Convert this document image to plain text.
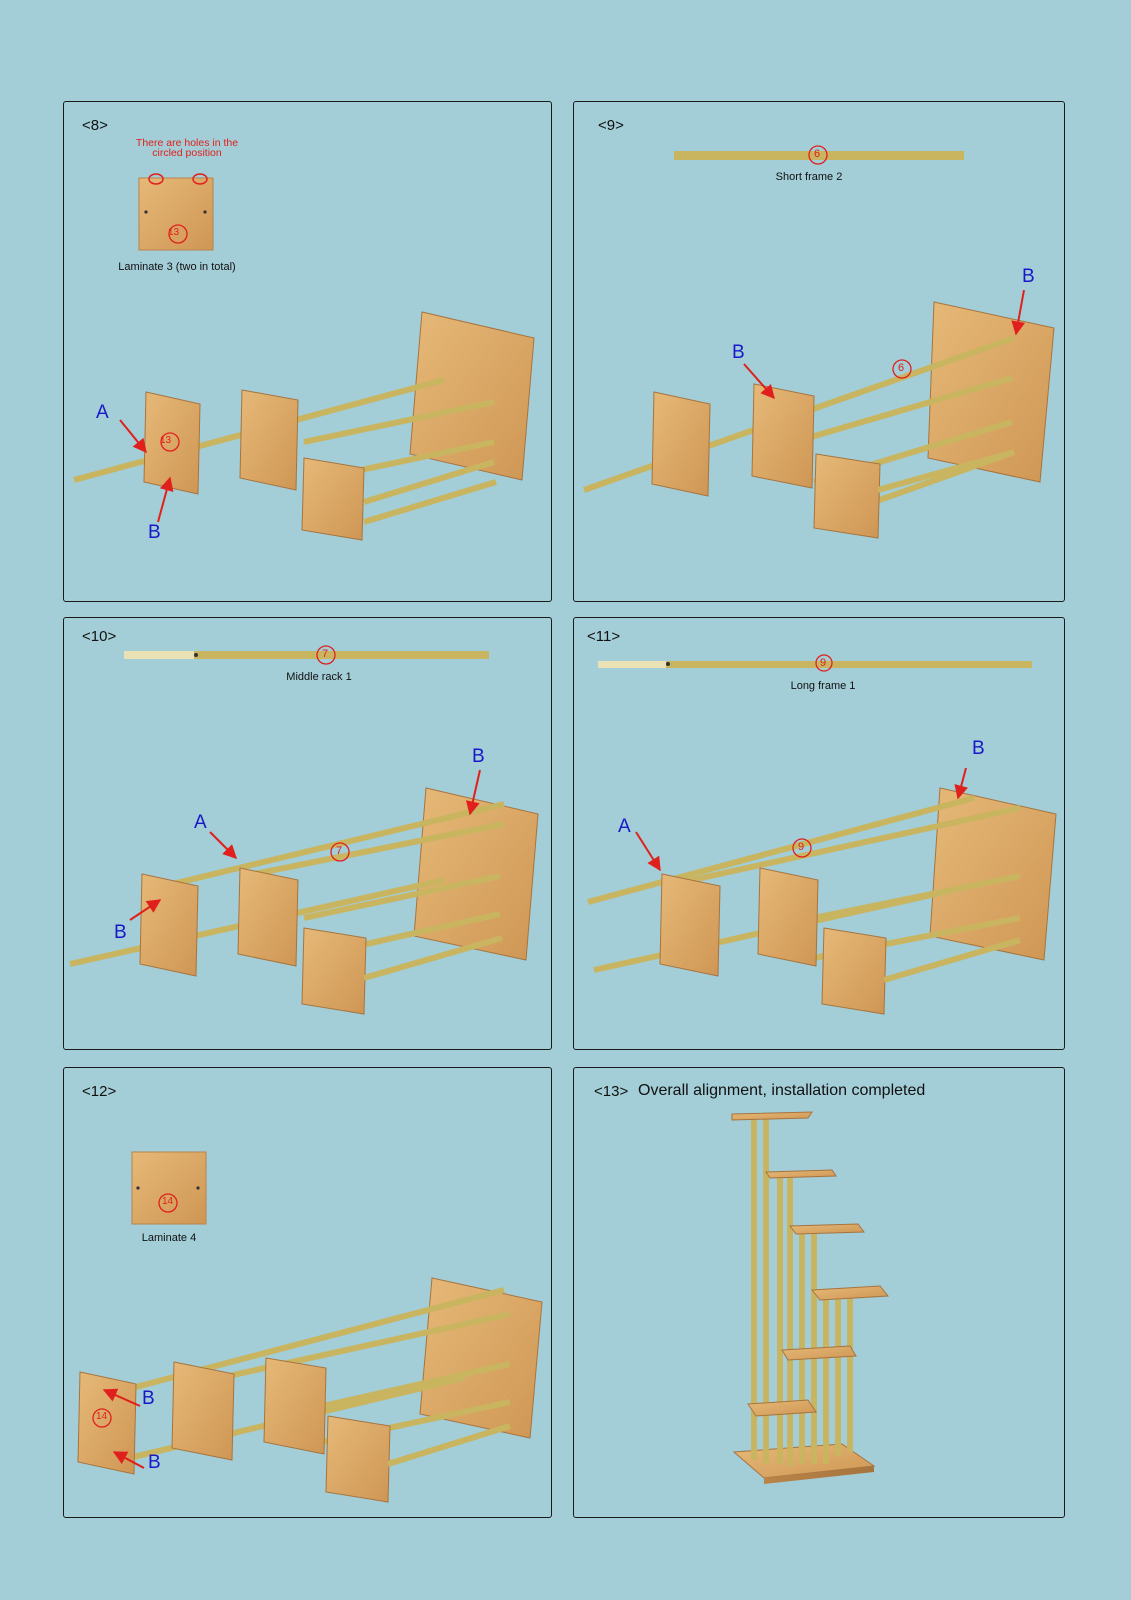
<8>
There are holes in the circled position
13
13
Laminate 3 (two in total)
A
B
<9>
6
6
Short frame 2
B
B
<10>
7
7
Middle rack 1
A
B
B
<11>
9
9
Long frame 1
A
B
<12>
14
14
Laminate 4
B
B
<13> Overall alignment, installation completed
